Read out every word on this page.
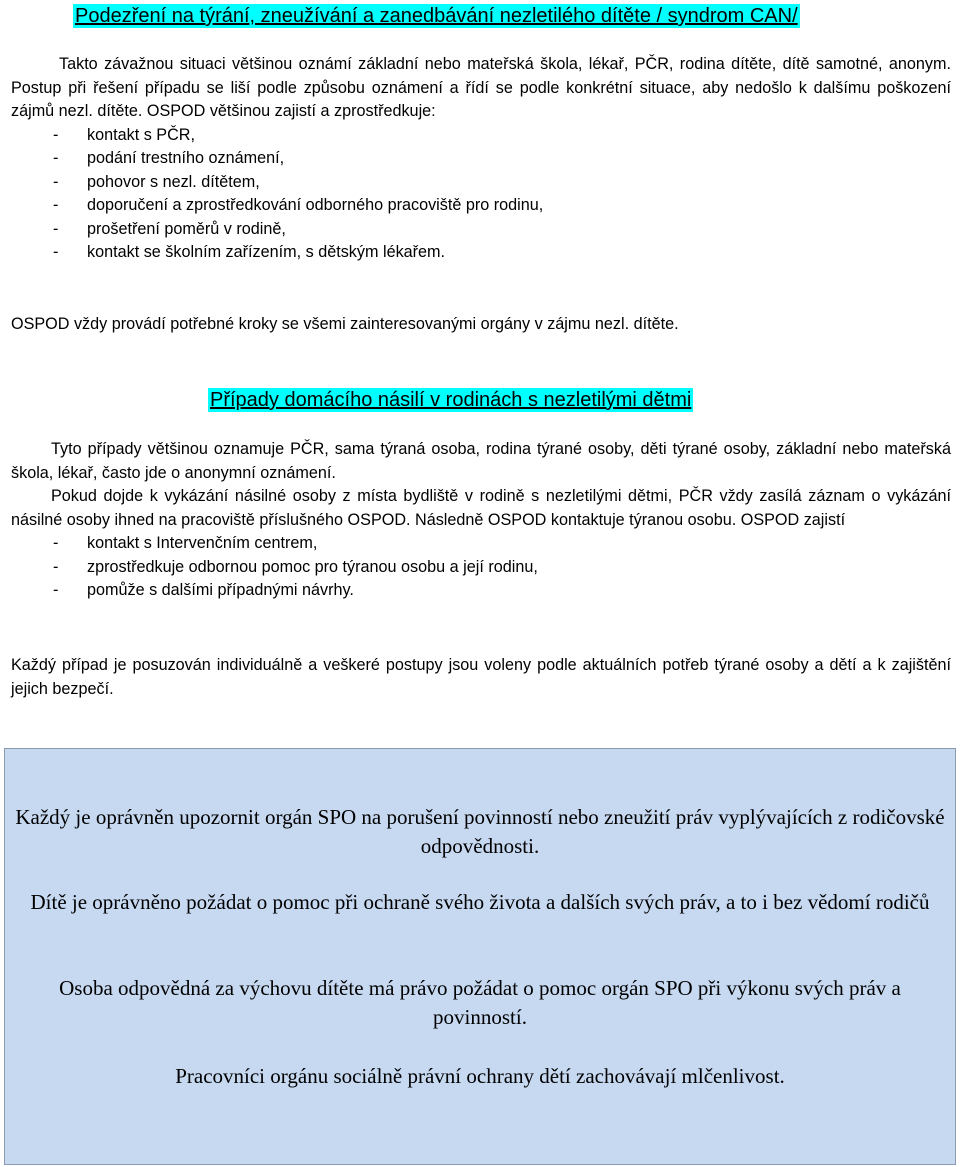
Podezření na týrání, zneužívání a zanedbávání nezletilého dítěte / syndrom CAN/
Takto závažnou situaci většinou oznámí základní nebo mateřská škola, lékař, PČR, rodina dítěte, dítě samotné, anonym. Postup při řešení případu se liší podle způsobu oznámení a řídí se podle konkrétní situace, aby nedošlo k dalšímu poškození zájmů nezl. dítěte. OSPOD většinou zajistí a zprostředkuje:
- kontakt s PČR,
- podání trestního oznámení,
- pohovor s nezl. dítětem,
- doporučení a zprostředkování odborného pracoviště pro rodinu,
- prošetření poměrů v rodině,
- kontakt se školním zařízením, s dětským lékařem.
OSPOD vždy provádí potřebné kroky se všemi zainteresovanými orgány v zájmu nezl. dítěte.
Případy domácího násilí v rodinách s nezletilými dětmi
Tyto případy většinou oznamuje PČR, sama týraná osoba, rodina týrané osoby, děti týrané osoby, základní nebo mateřská škola, lékař, často jde o anonymní oznámení.
Pokud dojde k vykázání násilné osoby z místa bydliště v rodině s nezletilými dětmi, PČR vždy zasílá záznam o vykázání násilné osoby ihned na pracoviště příslušného OSPOD. Následně OSPOD kontaktuje týranou osobu. OSPOD zajistí
- kontakt s Intervenčním centrem,
- zprostředkuje odbornou pomoc pro týranou osobu a její rodinu,
- pomůže s dalšími případnými návrhy.
Každý případ je posuzován individuálně a veškeré postupy jsou voleny podle aktuálních potřeb týrané osoby a dětí a k zajištění jejich bezpečí.

Každý je oprávněn upozornit orgán SPO na porušení povinností nebo zneužití práv vyplývajících z rodičovské odpovědnosti.

Dítě je oprávněno požádat o pomoc při ochraně svého života a dalších svých práv, a to i bez vědomí rodičů

Osoba odpovědná za výchovu dítěte má právo požádat o pomoc orgán SPO při výkonu svých práv a povinností.

Pracovníci orgánu sociálně právní ochrany dětí zachovávají mlčenlivost.
